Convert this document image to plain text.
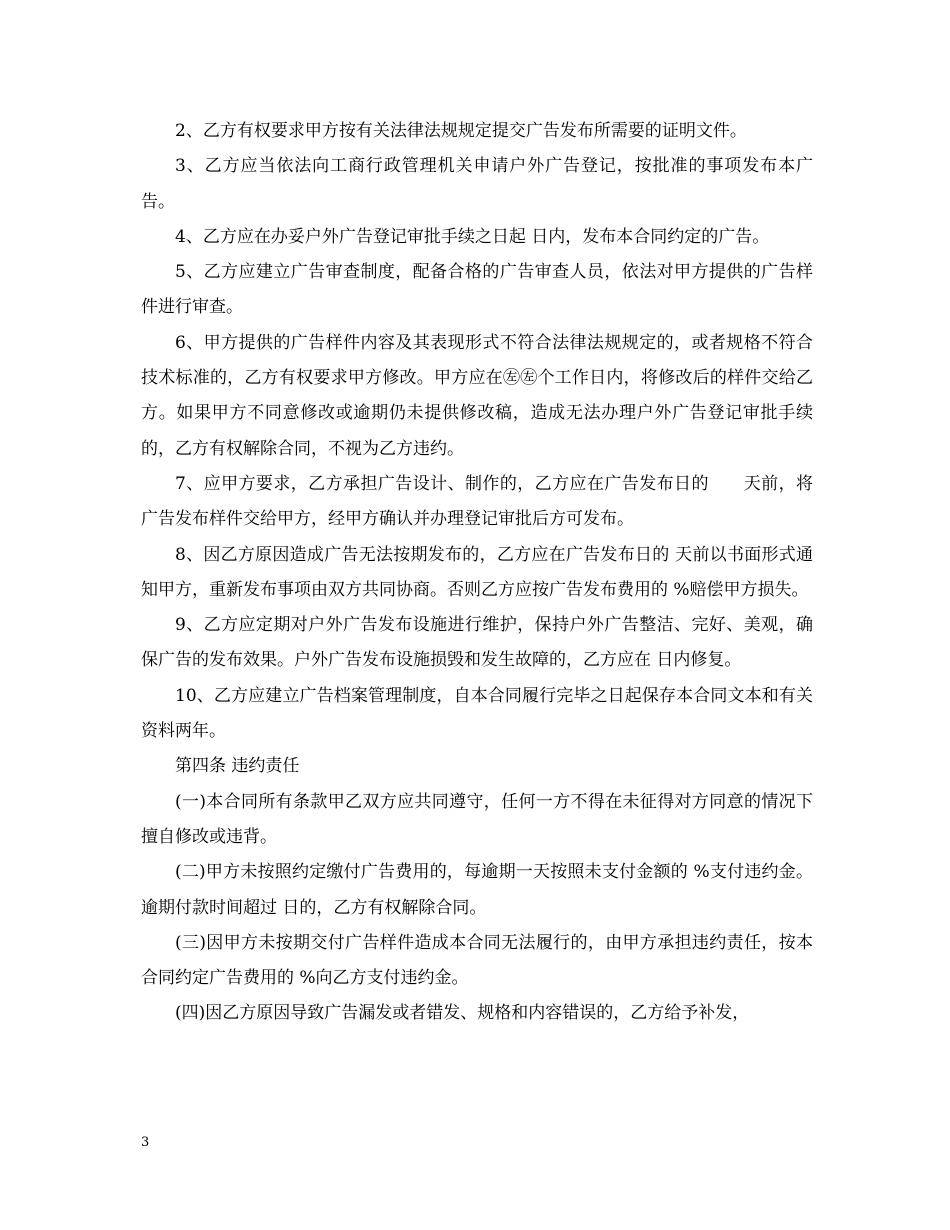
2、乙方有权要求甲方按有关法律法规规定提交广告发布所需要的证明文件。

3、乙方应当依法向工商行政管理机关申请户外广告登记，按批准的事项发布本广告。

4、乙方应在办妥户外广告登记审批手续之日起 日内，发布本合同约定的广告。

5、乙方应建立广告审查制度，配备合格的广告审查人员，依法对甲方提供的广告样件进行审查。

6、甲方提供的广告样件内容及其表现形式不符合法律法规规定的，或者规格不符合技术标准的，乙方有权要求甲方修改。甲方应在㊧㊧个工作日内，将修改后的样件交给乙方。如果甲方不同意修改或逾期仍未提供修改稿，造成无法办理户外广告登记审批手续的，乙方有权解除合同，不视为乙方违约。

7、应甲方要求，乙方承担广告设计、制作的，乙方应在广告发布日的　　天前，将广告发布样件交给甲方，经甲方确认并办理登记审批后方可发布。

8、因乙方原因造成广告无法按期发布的，乙方应在广告发布日的 天前以书面形式通知甲方，重新发布事项由双方共同协商。否则乙方应按广告发布费用的 %赔偿甲方损失。

9、乙方应定期对户外广告发布设施进行维护，保持户外广告整洁、完好、美观，确保广告的发布效果。户外广告发布设施损毁和发生故障的，乙方应在 日内修复。

10、乙方应建立广告档案管理制度，自本合同履行完毕之日起保存本合同文本和有关资料两年。

第四条 违约责任

(一)本合同所有条款甲乙双方应共同遵守，任何一方不得在未征得对方同意的情况下擅自修改或违背。

(二)甲方未按照约定缴付广告费用的，每逾期一天按照未支付金额的 %支付违约金。逾期付款时间超过 日的，乙方有权解除合同。

(三)因甲方未按期交付广告样件造成本合同无法履行的，由甲方承担违约责任，按本合同约定广告费用的 %向乙方支付违约金。

(四)因乙方原因导致广告漏发或者错发、规格和内容错误的，乙方给予补发，

3
